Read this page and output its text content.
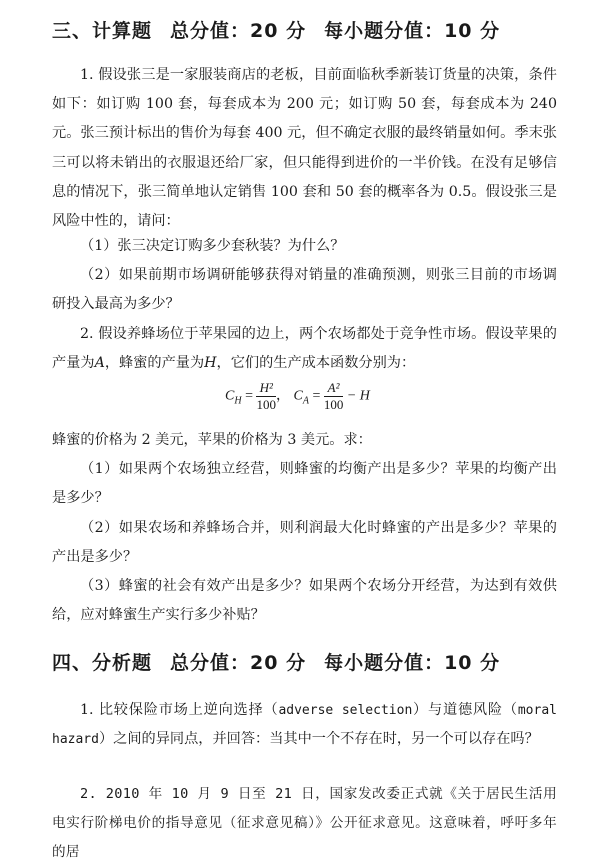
三、计算题 总分值：20 分 每小题分值：10 分
1. 假设张三是一家服装商店的老板，目前面临秋季新装订货量的决策，条件如下：如订购 100 套，每套成本为 200 元；如订购 50 套，每套成本为 240 元。张三预计标出的售价为每套 400 元，但不确定衣服的最终销量如何。季末张三可以将未销出的衣服退还给厂家，但只能得到进价的一半价钱。在没有足够信息的情况下，张三简单地认定销售 100 套和 50 套的概率各为 0.5。假设张三是风险中性的，请问：
（1）张三决定订购多少套秋装？为什么？
（2）如果前期市场调研能够获得对销量的准确预测，则张三目前的市场调研投入最高为多少？
2. 假设养蜂场位于苹果园的边上，两个农场都处于竞争性市场。假设苹果的产量为A，蜂蜜的产量为H，它们的生产成本函数分别为：
$C_H = \frac{\text{H²}}{100}$ ， $C_A = \frac{\text{A²}}{100} - H$
蜂蜜的价格为 2 美元，苹果的价格为 3 美元。求：
（1）如果两个农场独立经营，则蜂蜜的均衡产出是多少？苹果的均衡产出是多少？
（2）如果农场和养蜂场合并，则利润最大化时蜂蜜的产出是多少？苹果的产出是多少？
（3）蜂蜜的社会有效产出是多少？如果两个农场分开经营，为达到有效供给，应对蜂蜜生产实行多少补贴？
四、分析题 总分值：20 分 每小题分值：10 分
1. 比较保险市场上逆向选择（adverse selection）与道德风险（moral hazard）之间的异同点，并回答：当其中一个不存在时，另一个可以存在吗？
2. 2010 年 10 月 9 日至 21 日，国家发改委正式就《关于居民生活用电实行阶梯电价的指导意见（征求意见稿）》公开征求意见。这意味着，呼吁多年的居
